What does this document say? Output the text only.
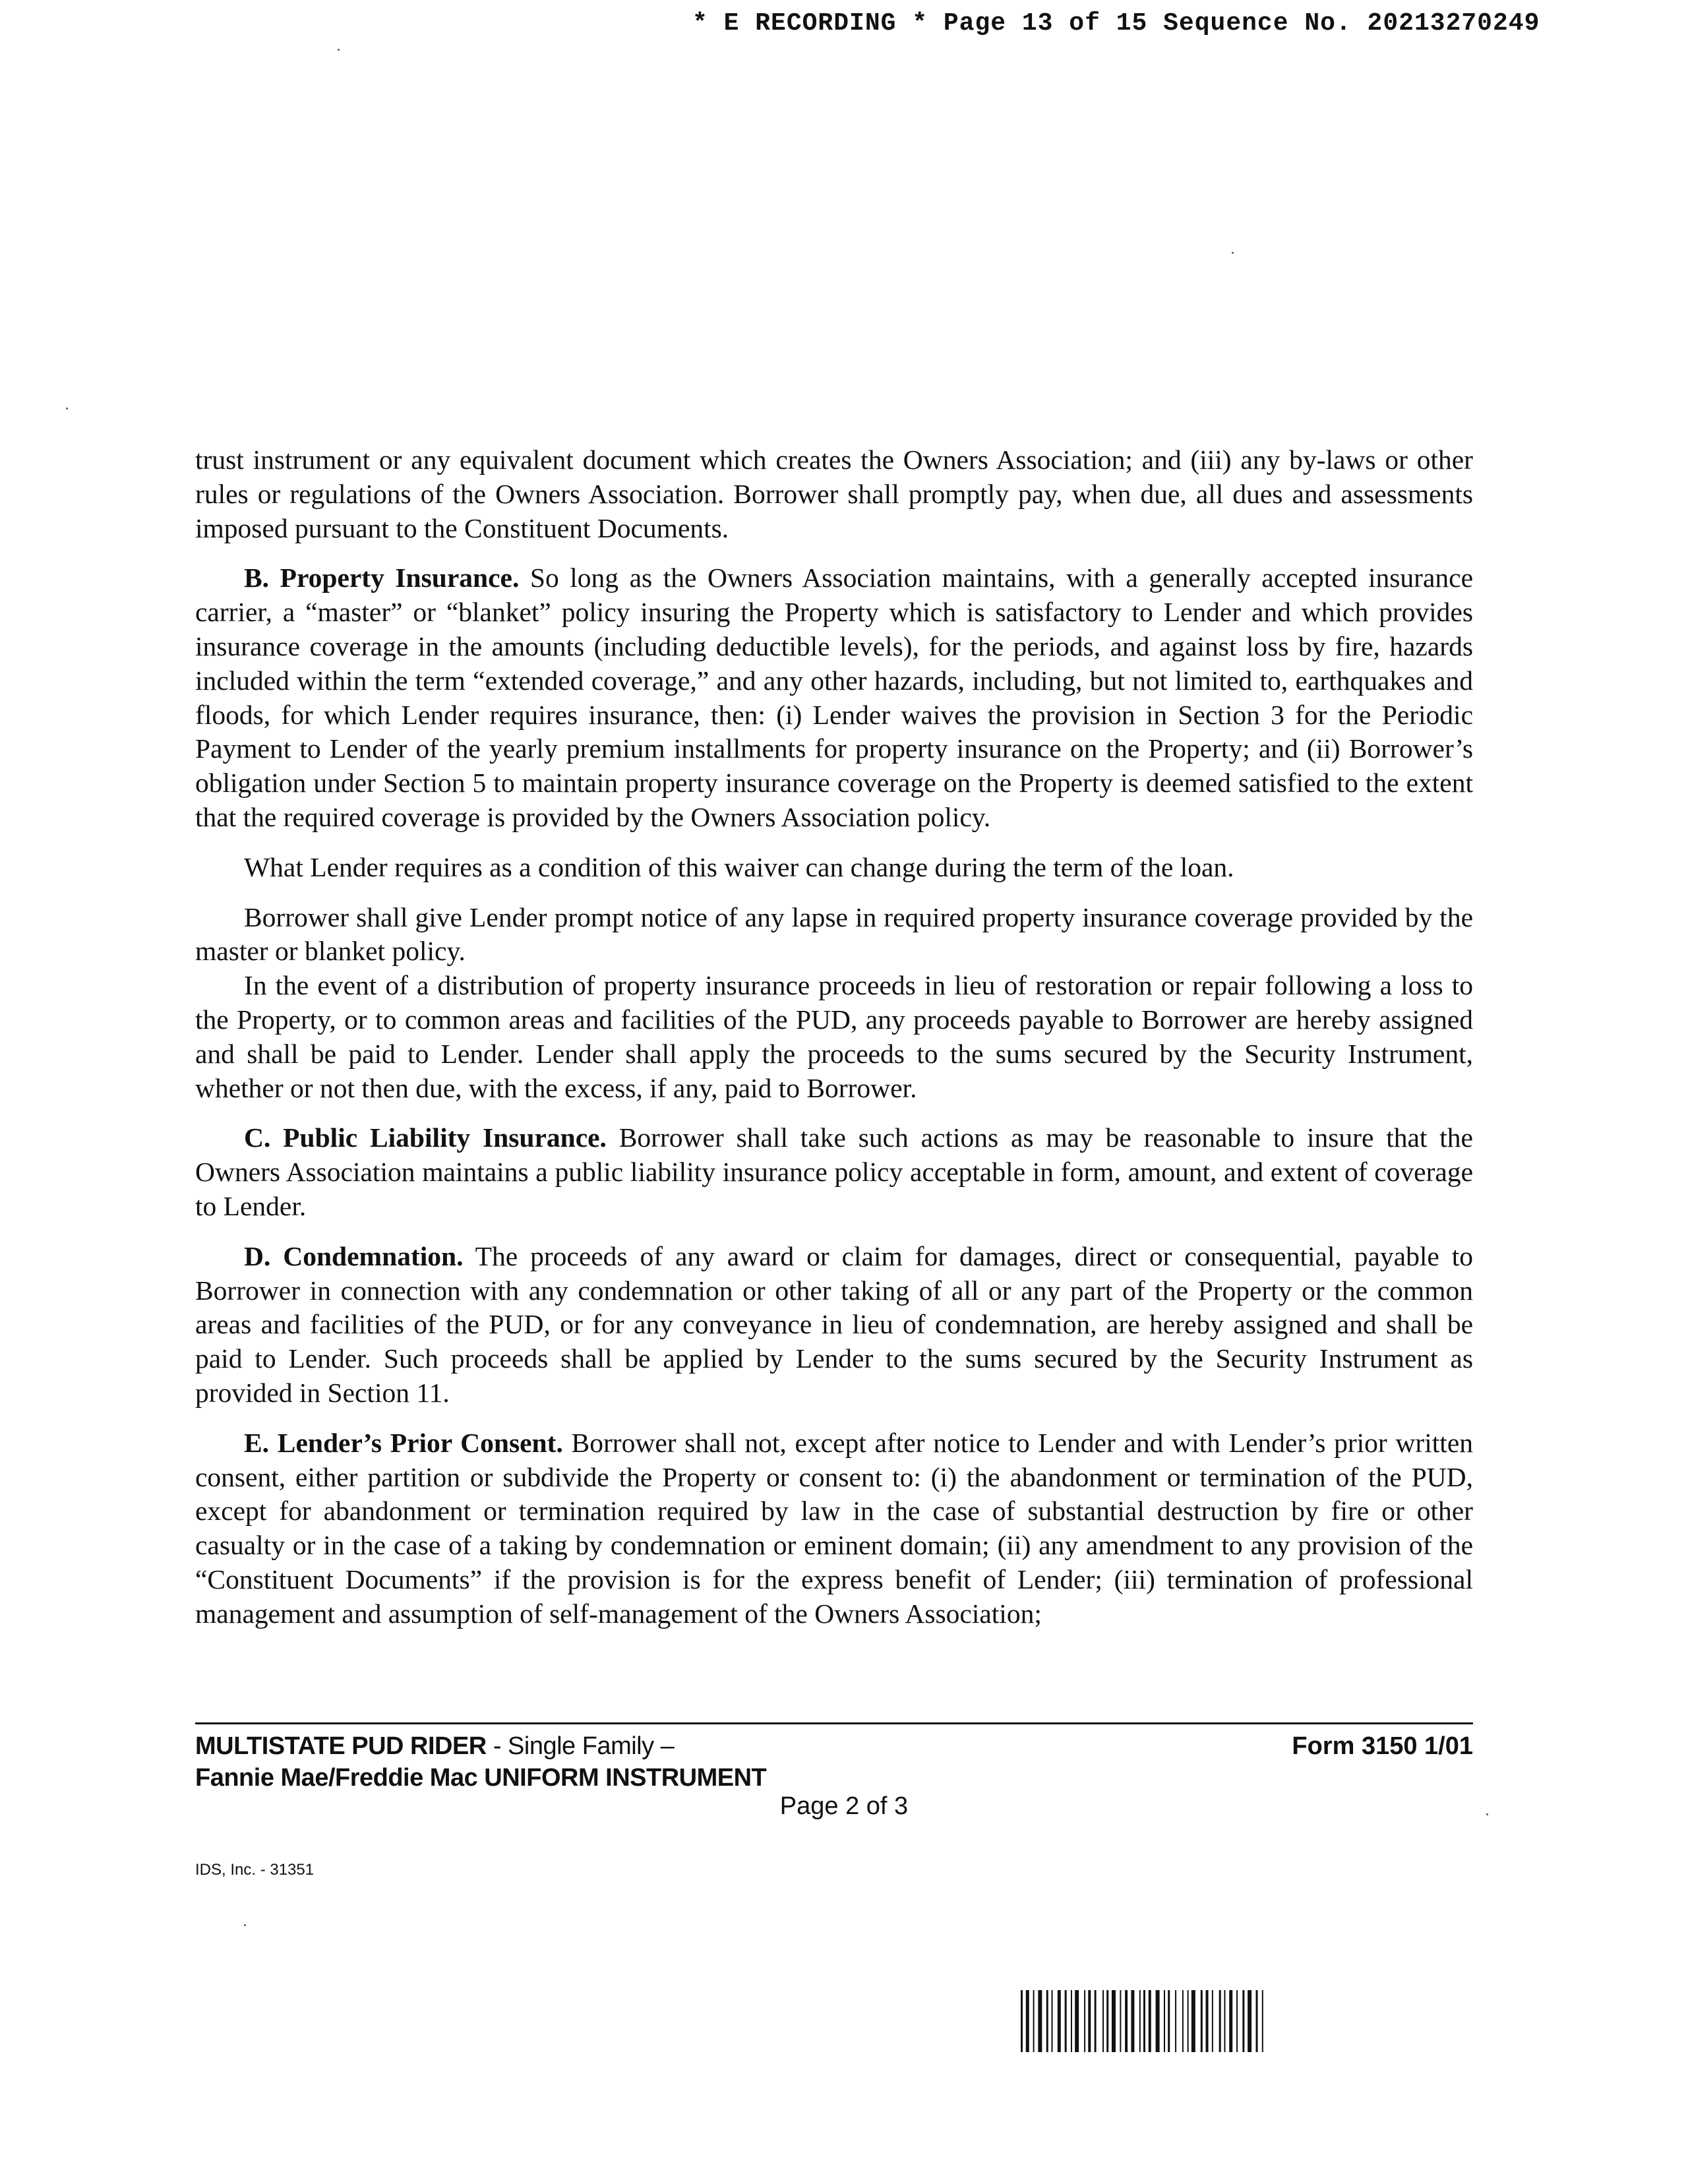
* E RECORDING * Page 13 of 15 Sequence No. 20213270249

trust instrument or any equivalent document which creates the Owners Association; and (iii) any by-laws or other rules or regulations of the Owners Association. Borrower shall promptly pay, when due, all dues and assessments imposed pursuant to the Constituent Documents.

B. Property Insurance. So long as the Owners Association maintains, with a generally accepted insurance carrier, a “master” or “blanket” policy insuring the Property which is satisfactory to Lender and which provides insurance coverage in the amounts (including deductible levels), for the periods, and against loss by fire, hazards included within the term “extended coverage,” and any other hazards, including, but not limited to, earthquakes and floods, for which Lender requires insurance, then: (i) Lender waives the provision in Section 3 for the Periodic Payment to Lender of the yearly premium installments for property insurance on the Property; and (ii) Borrower’s obligation under Section 5 to maintain property insurance coverage on the Property is deemed satisfied to the extent that the required coverage is provided by the Owners Association policy.

What Lender requires as a condition of this waiver can change during the term of the loan.

Borrower shall give Lender prompt notice of any lapse in required property insurance coverage provided by the master or blanket policy.

In the event of a distribution of property insurance proceeds in lieu of restoration or repair following a loss to the Property, or to common areas and facilities of the PUD, any proceeds payable to Borrower are hereby assigned and shall be paid to Lender. Lender shall apply the proceeds to the sums secured by the Security Instrument, whether or not then due, with the excess, if any, paid to Borrower.

C. Public Liability Insurance. Borrower shall take such actions as may be reasonable to insure that the Owners Association maintains a public liability insurance policy acceptable in form, amount, and extent of coverage to Lender.

D. Condemnation. The proceeds of any award or claim for damages, direct or consequential, payable to Borrower in connection with any condemnation or other taking of all or any part of the Property or the common areas and facilities of the PUD, or for any conveyance in lieu of condemnation, are hereby assigned and shall be paid to Lender. Such proceeds shall be applied by Lender to the sums secured by the Security Instrument as provided in Section 11.

E. Lender’s Prior Consent. Borrower shall not, except after notice to Lender and with Lender’s prior written consent, either partition or subdivide the Property or consent to: (i) the abandonment or termination of the PUD, except for abandonment or termination required by law in the case of substantial destruction by fire or other casualty or in the case of a taking by condemnation or eminent domain; (ii) any amendment to any provision of the “Constituent Documents” if the provision is for the express benefit of Lender; (iii) termination of professional management and assumption of self-management of the Owners Association;

MULTISTATE PUD RIDER - Single Family –	Form 3150 1/01
Fannie Mae/Freddie Mac UNIFORM INSTRUMENT
Page 2 of 3
IDS, Inc. - 31351
